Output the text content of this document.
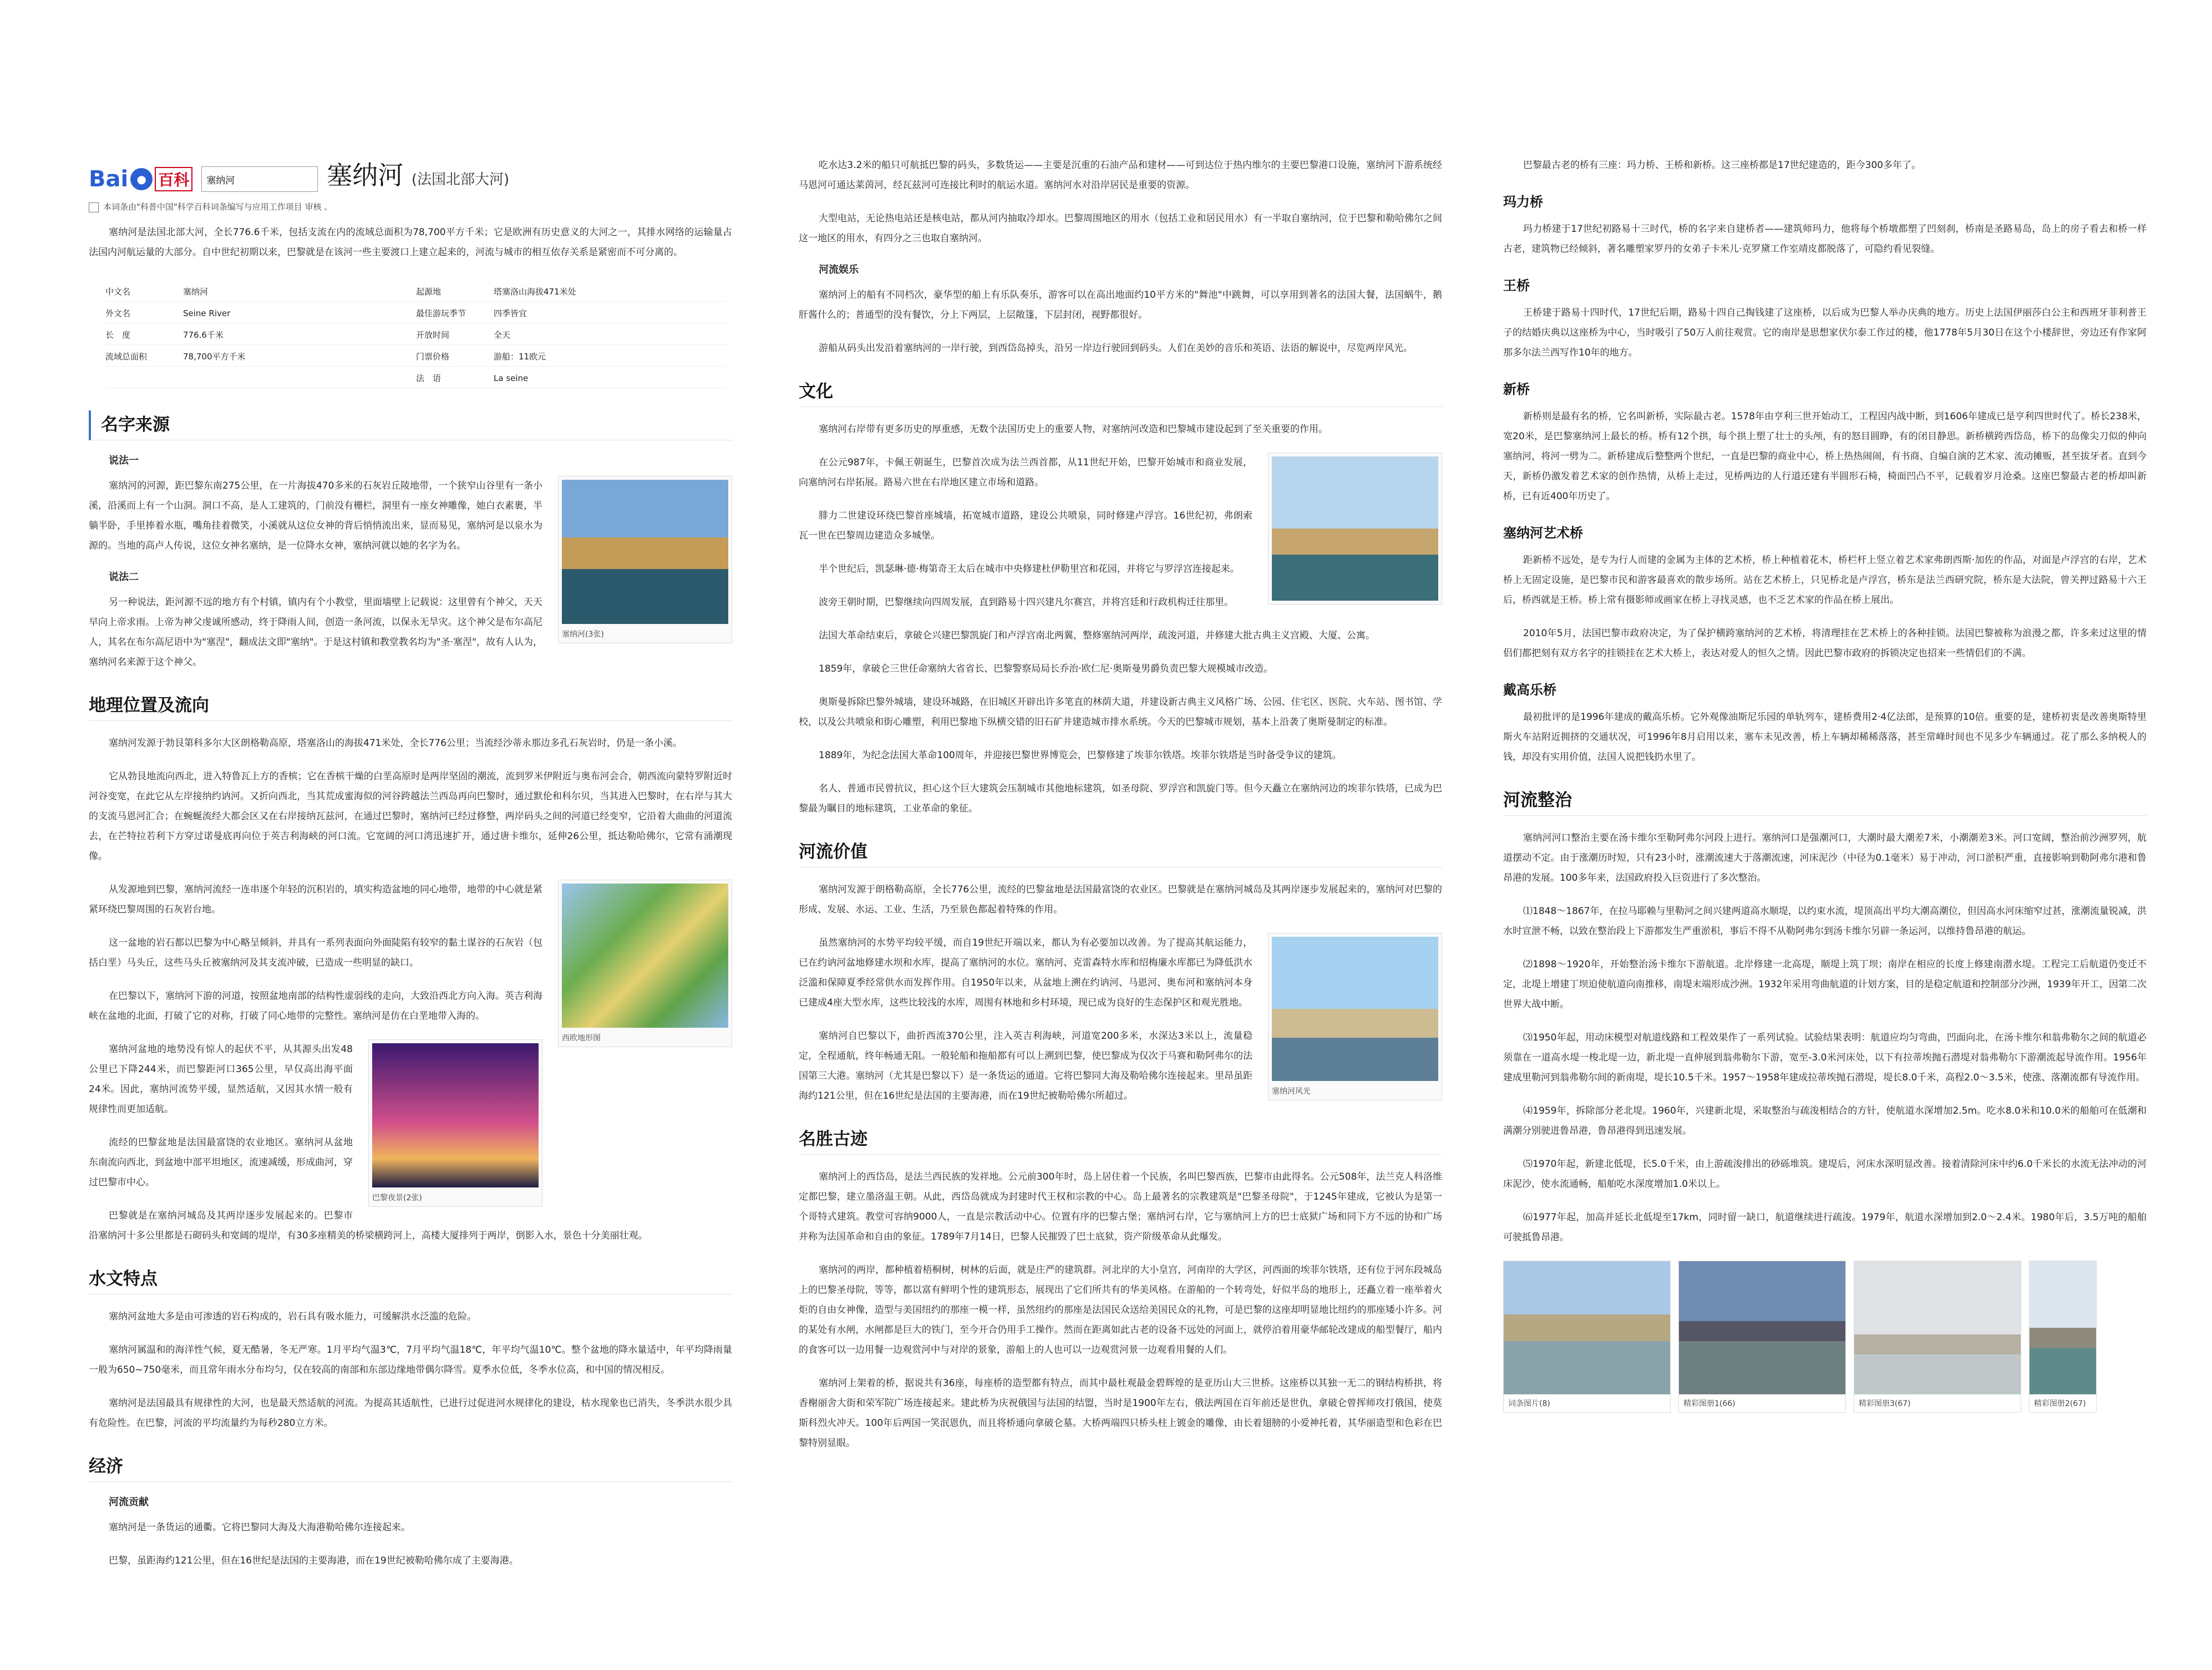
Bai ● 百科
塞纳河	塞纳河 (法国北部大河)
本词条由"科普中国"科学百科词条编写与应用工作项目 审核 。

塞纳河是法国北部大河，全长776.6千米，包括支流在内的流域总面积为78,700平方千米；它是欧洲有历史意义的大河之一，其排水网络的运输量占法国内河航运量的大部分。自中世纪初期以来，巴黎就是在该河一些主要渡口上建立起来的，河流与城市的相互依存关系是紧密而不可分离的。

中文名	塞纳河	起源地	塔塞洛山海拔471米处
外文名	Seine River	最佳游玩季节	四季皆宜
长　度	776.6千米	开放时间	全天
流域总面积	78,700平方千米	门票价格	游船：11欧元
法　语	La seine
名字来源
说法一
塞纳河(3张)

塞纳河的河源，距巴黎东南275公里，在一片海拔470多米的石灰岩丘陵地带，一个狭窄山谷里有一条小溪，沿溪而上有一个山洞。洞口不高，是人工建筑的，门前没有栅栏，洞里有一座女神雕像，她白衣素裹，半躺半卧，手里捧着水瓶，嘴角挂着微笑，小溪就从这位女神的背后悄悄流出来，显而易见，塞纳河是以泉水为源的。当地的高卢人传说，这位女神名塞纳，是一位降水女神，塞纳河就以她的名字为名。

说法二

另一种说法，距河源不远的地方有个村镇，镇内有个小教堂，里面墙壁上记载说：这里曾有个神父，天天早向上帝求雨。上帝为神父虔诚所感动，终于降雨人间，创造一条河流，以保永无旱灾。这个神父是布尔高尼人，其名在布尔高尼语中为"塞涅"，翻成法文即"塞纳"。于是这村镇和教堂教名均为"圣·塞涅"，故有人认为，塞纳河名来源于这个神父。

地理位置及流向

塞纳河发源于勃艮第科多尔大区朗格勒高原，塔塞洛山的海拔471米处，全长776公里；当流经沙蒂永那边多孔石灰岩时，仍是一条小溪。

它从勃艮地流向西北，进入特鲁瓦上方的香槟；它在香槟干燥的白垩高原时是两岸坚固的潮流，流到罗米伊附近与奥布河会合，朝西流向蒙特罗附近时河谷变宽，在此它从左岸接纳约讷河。又折向西北，当其荒成蜜海似的河谷跨越法兰西岛再向巴黎时，通过默伦和科尔贝，当其进入巴黎时，在右岸与其大的支流马恩河汇合；在蜿蜒流经大都会区又在右岸接纳瓦兹河，在通过巴黎时，塞纳河已经过修整，两岸码头之间的河道已经变窄，它沿着大曲曲的河道流去，在芒特拉若利下方穿过诺曼底再向位于英吉利海峡的河口流。它宽阔的河口湾迅速扩开，通过唐卡维尔，延伸26公里，抵达勒哈佛尔，它常有涌潮现像。

西欧地形图

从发源地到巴黎，塞纳河流经一连串逐个年轻的沉积岩的，填实构造盆地的同心地带，地带的中心就是紧紧环绕巴黎周围的石灰岩台地。

这一盆地的岩石都以巴黎为中心略呈倾斜，并具有一系列表面向外面陡陷有较窄的黏土谋谷的石灰岩（包括白垩）马头丘，这些马头丘被塞纳河及其支流冲破，已造成一些明显的缺口。

在巴黎以下，塞纳河下游的河道，按照盆地南部的结构性虚弱线的走向，大致沿西北方向入海。英吉利海峡在盆地的北面，打破了它的对称，打破了同心地带的完整性。塞纳河是仿在白垩地带入海的。

巴黎夜景(2张)

塞纳河盆地的地势没有惊人的起伏不平，从其源头出发48公里已下降244米，而巴黎距河口365公里，早仅高出海平面24米。因此，塞纳河流势平缓，显然适航，又因其水情一般有规律性而更加适航。

流经的巴黎盆地是法国最富饶的农业地区。塞纳河从盆地东南流向西北，到盆地中部平坦地区，流速减缓，形成曲河，穿过巴黎市中心。

巴黎就是在塞纳河城岛及其两岸逐步发展起来的。巴黎市沿塞纳河十多公里都是石砌码头和宽阔的堤岸，有30多座精美的桥梁横跨河上，高楼大厦排列于两岸，倒影入水，景色十分美丽壮观。

水文特点

塞纳河盆地大多是由可渗透的岩石构成的，岩石具有吸水能力，可缓解洪水泛滥的危险。

塞纳河属温和的海洋性气候，夏无酷暑，冬无严寒。1月平均气温3℃，7月平均气温18℃，年平均气温10℃。整个盆地的降水量适中，年平均降雨量一般为650~750毫米，而且常年雨水分布均匀，仅在较高的南部和东部边缘地带偶尔降雪。夏季水位低，冬季水位高，和中国的情况相反。

塞纳河是法国最具有规律性的大河，也是最天然适航的河流。为提高其适航性，已进行过促进河水规律化的建设，枯水现象也已消失，冬季洪水很少具有危险性。在巴黎，河流的平均流量约为每秒280立方米。

经济
河流贡献

塞纳河是一条货运的通衢。它将巴黎同大海及大海港勒哈佛尔连接起来。

巴黎，虽距海约121公里，但在16世纪是法国的主要海港，而在19世纪被勒哈佛尔成了主要海港。

吃水达3.2米的船只可航抵巴黎的码头，多数货运——主要是沉重的石油产品和建材——可到达位于热内维尔的主要巴黎港口设施，塞纳河下游系统经马恩河可通达莱茵河，经瓦兹河可连接比利时的航运水道。塞纳河水对沿岸居民是重要的资源。

大型电站，无论热电站还是核电站，都从河内抽取冷却水。巴黎周围地区的用水（包括工业和居民用水）有一半取自塞纳河，位于巴黎和勒哈佛尔之间这一地区的用水，有四分之三也取自塞纳河。

河流娱乐

塞纳河上的船有不同档次，豪华型的船上有乐队奏乐，游客可以在高出地面约10平方米的"舞池"中跳舞，可以享用到著名的法国大餐，法国蜗牛，鹅肝酱什么的；普通型的没有餐饮，分上下两层，上层敞篷，下层封闭，视野都很好。

游船从码头出发沿着塞纳河的一岸行驶，到西岱岛掉头，沿另一岸边行驶回到码头。人们在美妙的音乐和英语、法语的解说中，尽览两岸风光。

文化

塞纳河右岸带有更多历史的厚重感，无数个法国历史上的重要人物，对塞纳河改造和巴黎城市建设起到了至关重要的作用。

在公元987年，卡佩王朝诞生，巴黎首次成为法兰西首都，从11世纪开始，巴黎开始城市和商业发展，向塞纳河右岸拓展。路易六世在右岸地区建立市场和道路。

腓力二世建设环绕巴黎首座城墙，拓宽城市道路，建设公共喷泉，同时修建卢浮宫。16世纪初，弗朗索瓦一世在巴黎周边建造众多城堡。

半个世纪后，凯瑟琳·德·梅第奇王太后在城市中央修建杜伊勒里宫和花园，并将它与罗浮宫连接起来。

波旁王朝时期，巴黎继续向四周发展，直到路易十四兴建凡尔赛宫，并将宫廷和行政机构迁往那里。

法国大革命结束后，拿破仑兴建巴黎凯旋门和卢浮宫南北两翼，整修塞纳河两岸，疏浚河道，并修建大批古典主义宫殿、大厦、公寓。

1859年，拿破仑三世任命塞纳大省省长、巴黎警察局局长乔治·欧仁尼·奥斯曼男爵负责巴黎大规模城市改造。

奥斯曼拆除巴黎外城墙，建设环城路，在旧城区开辟出许多笔直的林荫大道，并建设新古典主义风格广场、公园、住宅区、医院、火车站、图书馆、学校，以及公共喷泉和街心雕塑，利用巴黎地下纵横交错的旧石矿井建造城市排水系统。今天的巴黎城市规划，基本上沿袭了奥斯曼制定的标准。

1889年，为纪念法国大革命100周年，并迎接巴黎世界博览会，巴黎修建了埃菲尔铁塔。埃菲尔铁塔是当时备受争议的建筑。

名人、普通市民曾抗议，担心这个巨大建筑会压制城市其他地标建筑，如圣母院、罗浮宫和凯旋门等。但今天矗立在塞纳河边的埃菲尔铁塔，已成为巴黎最为瞩目的地标建筑，工业革命的象征。

河流价值

塞纳河发源于朗格勒高原，全长776公里，流经的巴黎盆地是法国最富饶的农业区。巴黎就是在塞纳河城岛及其两岸逐步发展起来的，塞纳河对巴黎的形成、发展、水运、工业、生活，乃至景色都起着特殊的作用。

塞纳河风光

虽然塞纳河的水势平均较平缓，而自19世纪开端以来，都认为有必要加以改善。为了提高其航运能力，已在约讷河盆地修建水坝和水库，提高了塞纳河的水位。塞纳河、克雷森特水库和绍梅廉水库都已为降低洪水泛滥和保障夏季经常供水而发挥作用。自1950年以来，从盆地上溯在约讷河、马恩河、奥布河和塞纳河本身已建成4座大型水库，这些比较浅的水库，周围有林地和乡村环境，现已成为良好的生态保护区和观光胜地。

塞纳河自巴黎以下，曲折西流370公里，注入英吉利海峡，河道宽200多米，水深达3米以上，流量稳定，全程通航，终年畅通无阻。一般轮船和拖船都有可以上溯到巴黎，使巴黎成为仅次于马赛和勒阿弗尔的法国第三大港。塞纳河（尤其是巴黎以下）是一条货运的通道。它将巴黎同大海及勒哈佛尔连接起来。里昂虽距海约121公里，但在16世纪是法国的主要海港，而在19世纪被勒哈佛尔所超过。

名胜古迹

塞纳河上的西岱岛，是法兰西民族的发祥地。公元前300年时，岛上居住着一个民族，名叫巴黎西族，巴黎市由此得名。公元508年，法兰克人科洛维定都巴黎，建立墨洛温王朝。从此，西岱岛就成为封建时代王权和宗教的中心。岛上最著名的宗教建筑是"巴黎圣母院"，于1245年建成，它被认为是第一个哥特式建筑。教堂可容纳9000人，一直是宗教活动中心。位置有序的巴黎古堡；塞纳河右岸，它与塞纳河上方的巴士底狱广场和同下方不远的协和广场并称为法国革命和自由的象征。1789年7月14日，巴黎人民摧毁了巴士底狱，资产阶级革命从此爆发。

塞纳河的两岸，都种植着梧桐树，树林的后面，就是庄严的建筑群。河北岸的大小皇宫，河南岸的大学区，河西面的埃菲尔铁塔，还有位于河东段城岛上的巴黎圣母院，等等，都以富有鲜明个性的建筑形态，展现出了它们所共有的华美风格。在游船的一个转弯处，好似半岛的地形上，还矗立着一座举着火炬的自由女神像，造型与美国纽约的那座一模一样，虽然纽约的那座是法国民众送给美国民众的礼物，可是巴黎的这座却明显地比纽约的那座矮小许多。河的某处有水闸，水闸都是巨大的铁门，至今开合仍用手工操作。然而在距离如此古老的设备不远处的河面上，就停泊着用豪华邮轮改建成的船型餐厅，船内的食客可以一边用餐一边观赏河中与对岸的景象，游船上的人也可以一边观赏河景一边观看用餐的人们。

塞纳河上架着的桥，据说共有36座，每座桥的造型都有特点，而其中最杜观最金碧辉煌的是亚历山大三世桥。这座桥以其独一无二的钢结构桥拱，将香榭丽舍大街和荣军院广场连接起来。建此桥为庆祝俄国与法国的结盟，当时是1900年左右，俄法两国在百年前还是世仇，拿破仑曾挥师攻打俄国，使莫斯科烈火冲天。100年后两国一笑泯恩仇，而且将桥通向拿破仑墓。大桥两端四只桥头柱上镀金的雕像，由长着翅膀的小爱神托着，其华丽造型和色彩在巴黎特别显眼。

巴黎最古老的桥有三座：玛力桥、王桥和新桥。这三座桥都是17世纪建造的，距今300多年了。

玛力桥

玛力桥建于17世纪初路易十三时代，桥的名字来自建桥者——建筑师玛力，他将每个桥墩都塑了凹刻刹，桥南是圣路易岛，岛上的房子看去和桥一样古老，建筑物已经倾斜，著名雕塑家罗丹的女弟子卡米儿·克罗黛工作室靖皮都脱落了，可隐约看见裂缝。

王桥

王桥建于路易十四时代，17世纪后期，路易十四自己掏钱建了这座桥，以后成为巴黎人举办庆典的地方。历史上法国伊丽莎白公主和西班牙菲利普王子的结婚庆典以这座桥为中心，当时吸引了50万人前往观赏。它的南岸是思想家伏尔泰工作过的楼，他1778年5月30日在这个小楼辞世，旁边还有作家阿那多尔法兰西写作10年的地方。

新桥

新桥则是最有名的桥，它名叫新桥，实际最古老。1578年由亨利三世开始动工，工程因内战中断，到1606年建成已是亨利四世时代了。桥长238米，宽20米，是巴黎塞纳河上最长的桥。桥有12个拱，每个拱上塑了壮士的头颅，有的怒目圆睁，有的闭目静思。新桥横跨西岱岛，桥下的岛像尖刀似的伸向塞纳河，将河一劈为二。新桥建成后整整两个世纪，一直是巴黎的商业中心，桥上热热闹闹，有书商、自编自演的艺术家、流动摊贩，甚至拔牙者。直到今天，新桥仍激发着艺术家的创作热情，从桥上走过，见桥两边的人行道还建有半圆形石椅，椅面凹凸不平，记载着岁月沧桑。这座巴黎最古老的桥却叫新桥，已有近400年历史了。

塞纳河艺术桥

距新桥不远处，是专为行人而建的金属为主体的艺术桥，桥上种植着花木，桥栏杆上竖立着艺术家弗朗西斯·加佐的作品，对面是卢浮宫的右岸，艺术桥上无固定设施，是巴黎市民和游客最喜欢的散步场所。站在艺术桥上，只见桥北是卢浮宫，桥东是法兰西研究院，桥东是大法院，曾关押过路易十六王后，桥西就是王桥。桥上常有摄影师或画家在桥上寻找灵感，也不乏艺术家的作品在桥上展出。

2010年5月，法国巴黎市政府决定，为了保护横跨塞纳河的艺术桥，将清理挂在艺术桥上的各种挂锁。法国巴黎被称为浪漫之都，许多来过这里的情侣们都把刻有双方名字的挂锁挂在艺术大桥上，表达对爱人的恒久之情。因此巴黎市政府的拆锁决定也招来一些情侣们的不满。

戴高乐桥

最初批评的是1996年建成的戴高乐桥。它外观像油斯尼乐园的单轨列车，建桥费用2·4亿法郎，是预算的10倍。重要的是，建桥初衷是改善奥斯特里斯火车站附近拥挤的交通状况，可1996年8月启用以来，塞车未见改善，桥上车辆却稀稀落落，甚至常峰时间也不见多少车辆通过。花了那么多纳税人的钱，却没有实用价值，法国人说把钱扔水里了。

河流整治

塞纳河河口整治主要在汤卡维尔至勒阿弗尔河段上进行。塞纳河口是强潮河口，大潮时最大潮差7米，小潮潮差3米。河口宽阔，整治前沙洲罗列，航道摆动不定。由于涨潮历时短，只有23小时，涨潮流速大于落潮流速，河床泥沙（中径为0.1毫米）易于冲动，河口淤积严重，直接影响到勒阿弗尔港和鲁昂港的发展。100多年来，法国政府投入巨资进行了多次整治。

⑴1848～1867年，在拉马耶赖与里勒河之间兴建两道高水顺堤，以约束水流，堤顶高出平均大潮高潮位，但因高水河床缩窄过甚，涨潮流量锐减，洪水时宣泄不畅，以致在整治段上下游都发生严重淤积，事后不得不从勒阿弗尔到汤卡维尔另辟一条运河，以维持鲁昂港的航运。

⑵1898～1920年，开始整治汤卡维尔下游航道。北岸修建一北高堤，顺堤上筑丁坝；南岸在相应的长度上修建南潜水堤。工程完工后航道仍变迁不定，北堤上增建丁坝迫使航道向南推移，南堤末端形成沙洲。1932年采用弯曲航道的计划方案，目的是稳定航道和控制部分沙洲，1939年开工，因第二次世界大战中断。

⑶1950年起，用动床模型对航道线路和工程效果作了一系列试验。试验结果表明：航道应均匀弯曲，凹面向北，在汤卡维尔和翁弗勒尔之间的航道必须靠在一道高水堤一梭北堤一边，新北堤一直伸展到翁弗勒尔下游，宽至-3.0米河床处，以下有拉蒂埃抛石潜堤对翁弗勒尔下游潮流起导流作用。1956年建成里勒河到翁弗勒尔间的新南堤，堤长10.5千米。1957～1958年建成拉蒂埃抛石潜堤，堤长8.0千米，高程2.0～3.5米，使涨、落潮流都有导流作用。

⑷1959年，拆除部分老北堤。1960年，兴建新北堤，采取整治与疏浚相结合的方针，使航道水深增加2.5m。吃水8.0米和10.0米的船舶可在低潮和满潮分别驶进鲁昂港，鲁昂港得到迅速发展。

⑸1970年起，新建北低堤，长5.0千米，由上游疏浚排出的砂砾堆筑。建堤后，河床水深明显改善。接着清除河床中约6.0千米长的水流无法冲动的河床泥沙，使水流通畅，船舶吃水深度增加1.0米以上。

⑹1977年起，加高并延长北低堤至17km，同时留一缺口，航道继续进行疏浚。1979年，航道水深增加到2.0～2.4米。1980年后，3.5万吨的船舶可驶抵鲁昂港。

词条图片(8)	精彩图册1(66)	精彩图册3(67)	精彩图册2(67)
